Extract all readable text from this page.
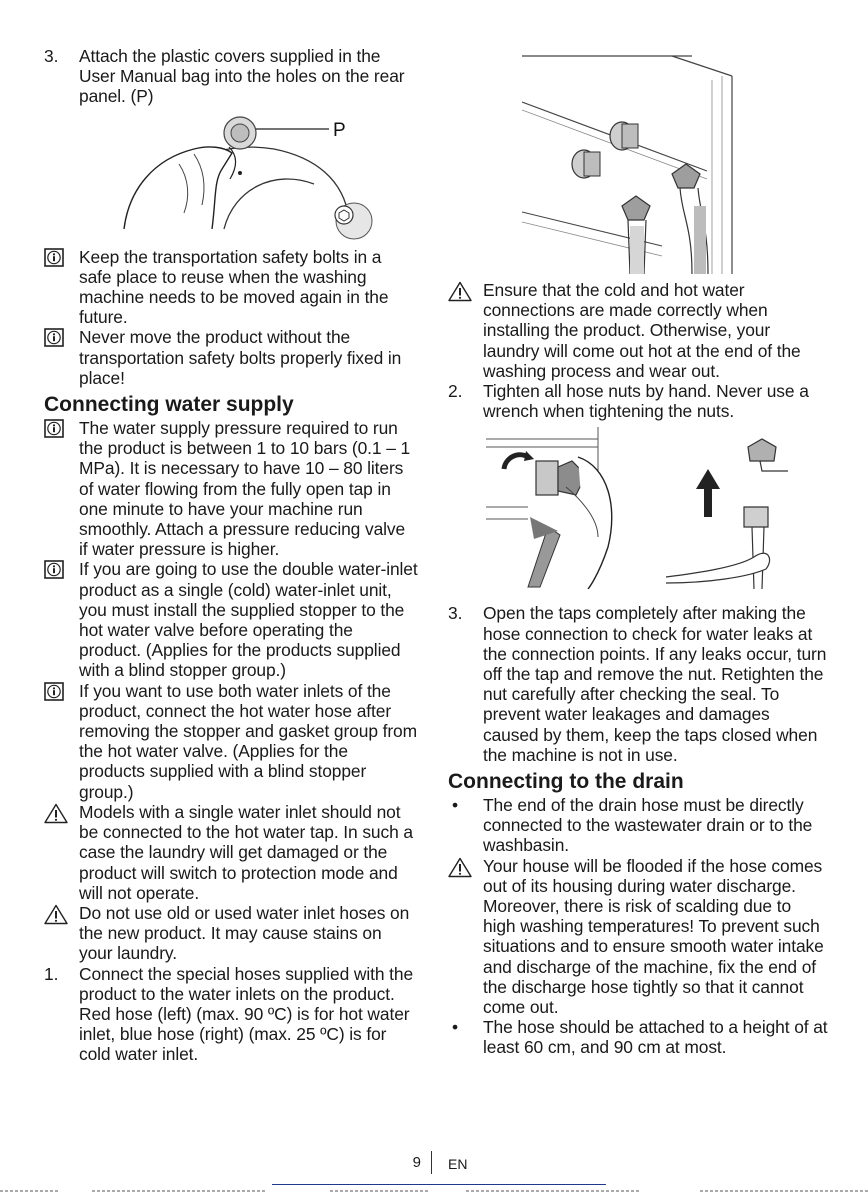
3.	Attach the plastic covers supplied in the User Manual bag into the holes on the rear panel. (P)
P
Keep the transportation safety bolts in a safe place to reuse when the washing machine needs to be moved again in the future.
Never move the product without the transportation safety bolts properly fixed in place!
Connecting water supply
The water supply pressure required to run the product is between 1 to 10 bars (0.1 – 1 MPa). It is necessary to have 10 – 80 liters of water flowing from the fully open tap in one minute to have your machine run smoothly. Attach a pressure reducing valve if water pressure is higher.
If you are going to use the double water-inlet product as a single (cold) water-inlet unit, you must install the supplied stopper to the hot water valve before operating the product. (Applies for the products supplied with a blind stopper group.)
If you want to use both water inlets of the product, connect the hot water hose after removing the stopper and gasket group from the hot water valve. (Applies for the products supplied with a blind stopper group.)
Models with a single water inlet should not be connected to the hot water tap. In such a case the laundry will get damaged or the product will switch to protection mode and will not operate.
Do not use old or used water inlet hoses on the new product. It may cause stains on your laundry.
1.	Connect the special hoses supplied with the product to the water inlets on the product. Red hose (left) (max. 90 ºC) is for hot water inlet, blue hose (right) (max. 25 ºC) is for cold water inlet.
Ensure that the cold and hot water connections are made correctly when installing the product. Otherwise, your laundry will come out hot at the end of the washing process and wear out.
2.	Tighten all hose nuts by hand. Never use a wrench when tightening the nuts.
3.	Open the taps completely after making the hose connection to check for water leaks at the connection points. If any leaks occur, turn off the tap and remove the nut. Retighten the nut carefully after checking the seal. To prevent water leakages and damages caused by them, keep the taps closed when the machine is not in use.
Connecting to the drain
•	The end of the drain hose must be directly connected to the wastewater drain or to the washbasin.
Your house will be flooded if the hose comes out of its housing during water discharge. Moreover, there is risk of scalding due to high washing temperatures! To prevent such situations and to ensure smooth water intake and discharge of the machine, fix the end of the discharge hose tightly so that it cannot come out.
•	The hose should be attached to a height of at least 60 cm, and 90 cm at most.
9 EN
